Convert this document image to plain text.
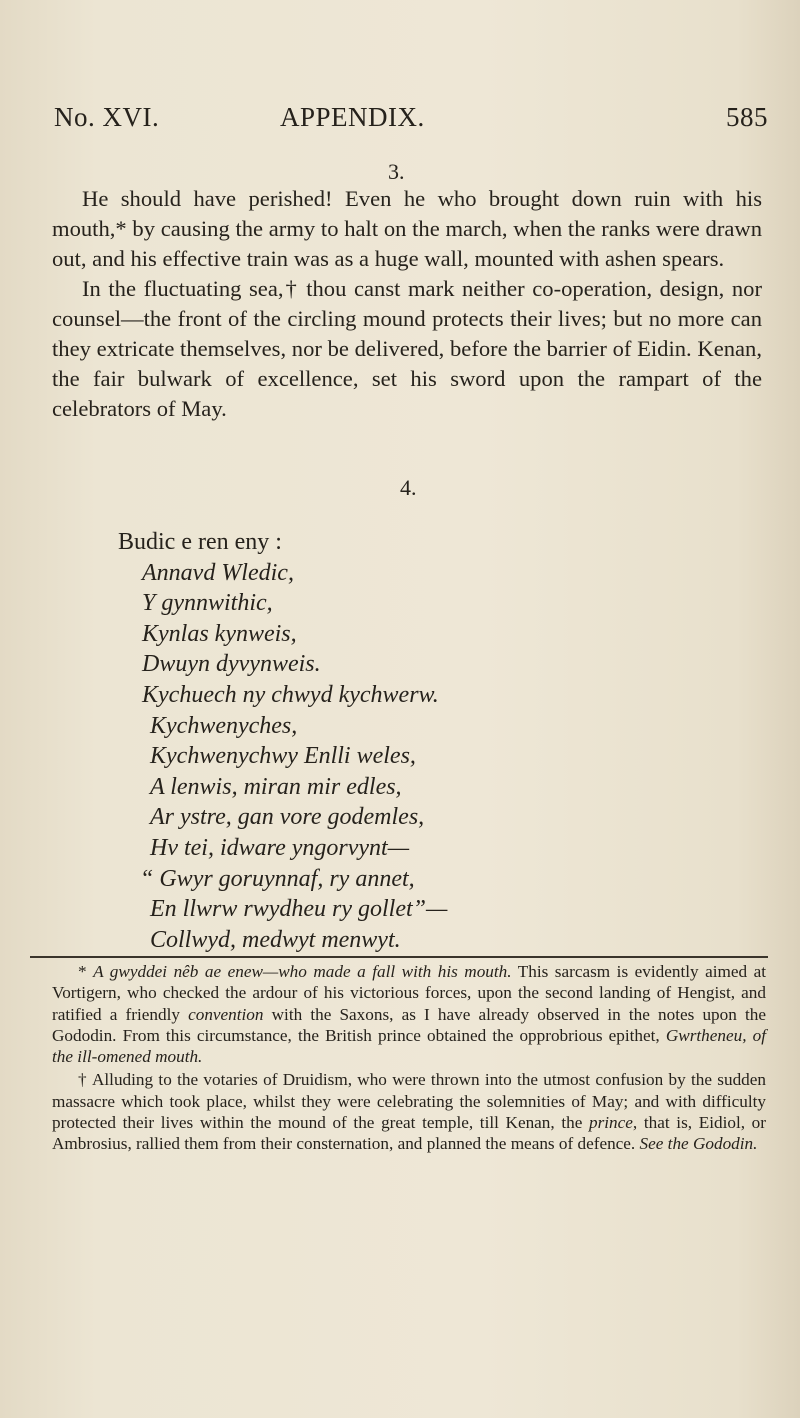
No. XVI.	APPENDIX.	585
3.

He should have perished! Even he who brought down ruin with his mouth,* by causing the army to halt on the march, when the ranks were drawn out, and his effective train was as a huge wall, mounted with ashen spears.

In the fluctuating sea,† thou canst mark neither co-operation, design, nor counsel—the front of the circling mound protects their lives; but no more can they extricate themselves, nor be delivered, before the barrier of Eidin. Kenan, the fair bulwark of excellence, set his sword upon the rampart of the celebrators of May.

4.
Budic e ren eny :
Annavd Wledic,
Y gynnwithic,
Kynlas kynweis,
Dwuyn dyvynweis.
Kychuech ny chwyd kychwerw.
Kychwenyches,
Kychwenychwy Enlli weles,
A lenwis, miran mir edles,
Ar ystre, gan vore godemles,
Hv tei, idware yngorvynt—
“ Gwyr goruynnaf, ry annet,
En llwrw rwydheu ry gollet”—
Collwyd, medwyt menwyt.

* A gwyddei nêb ae enew—who made a fall with his mouth. This sarcasm is evidently aimed at Vortigern, who checked the ardour of his victorious forces, upon the second landing of Hengist, and ratified a friendly convention with the Saxons, as I have already observed in the notes upon the Gododin. From this circumstance, the British prince obtained the opprobrious epithet, Gwrtheneu, of the ill-omened mouth.

† Alluding to the votaries of Druidism, who were thrown into the utmost confusion by the sudden massacre which took place, whilst they were celebrating the solemnities of May; and with difficulty protected their lives within the mound of the great temple, till Kenan, the prince, that is, Eidiol, or Ambrosius, rallied them from their consternation, and planned the means of defence. See the Gododin.
